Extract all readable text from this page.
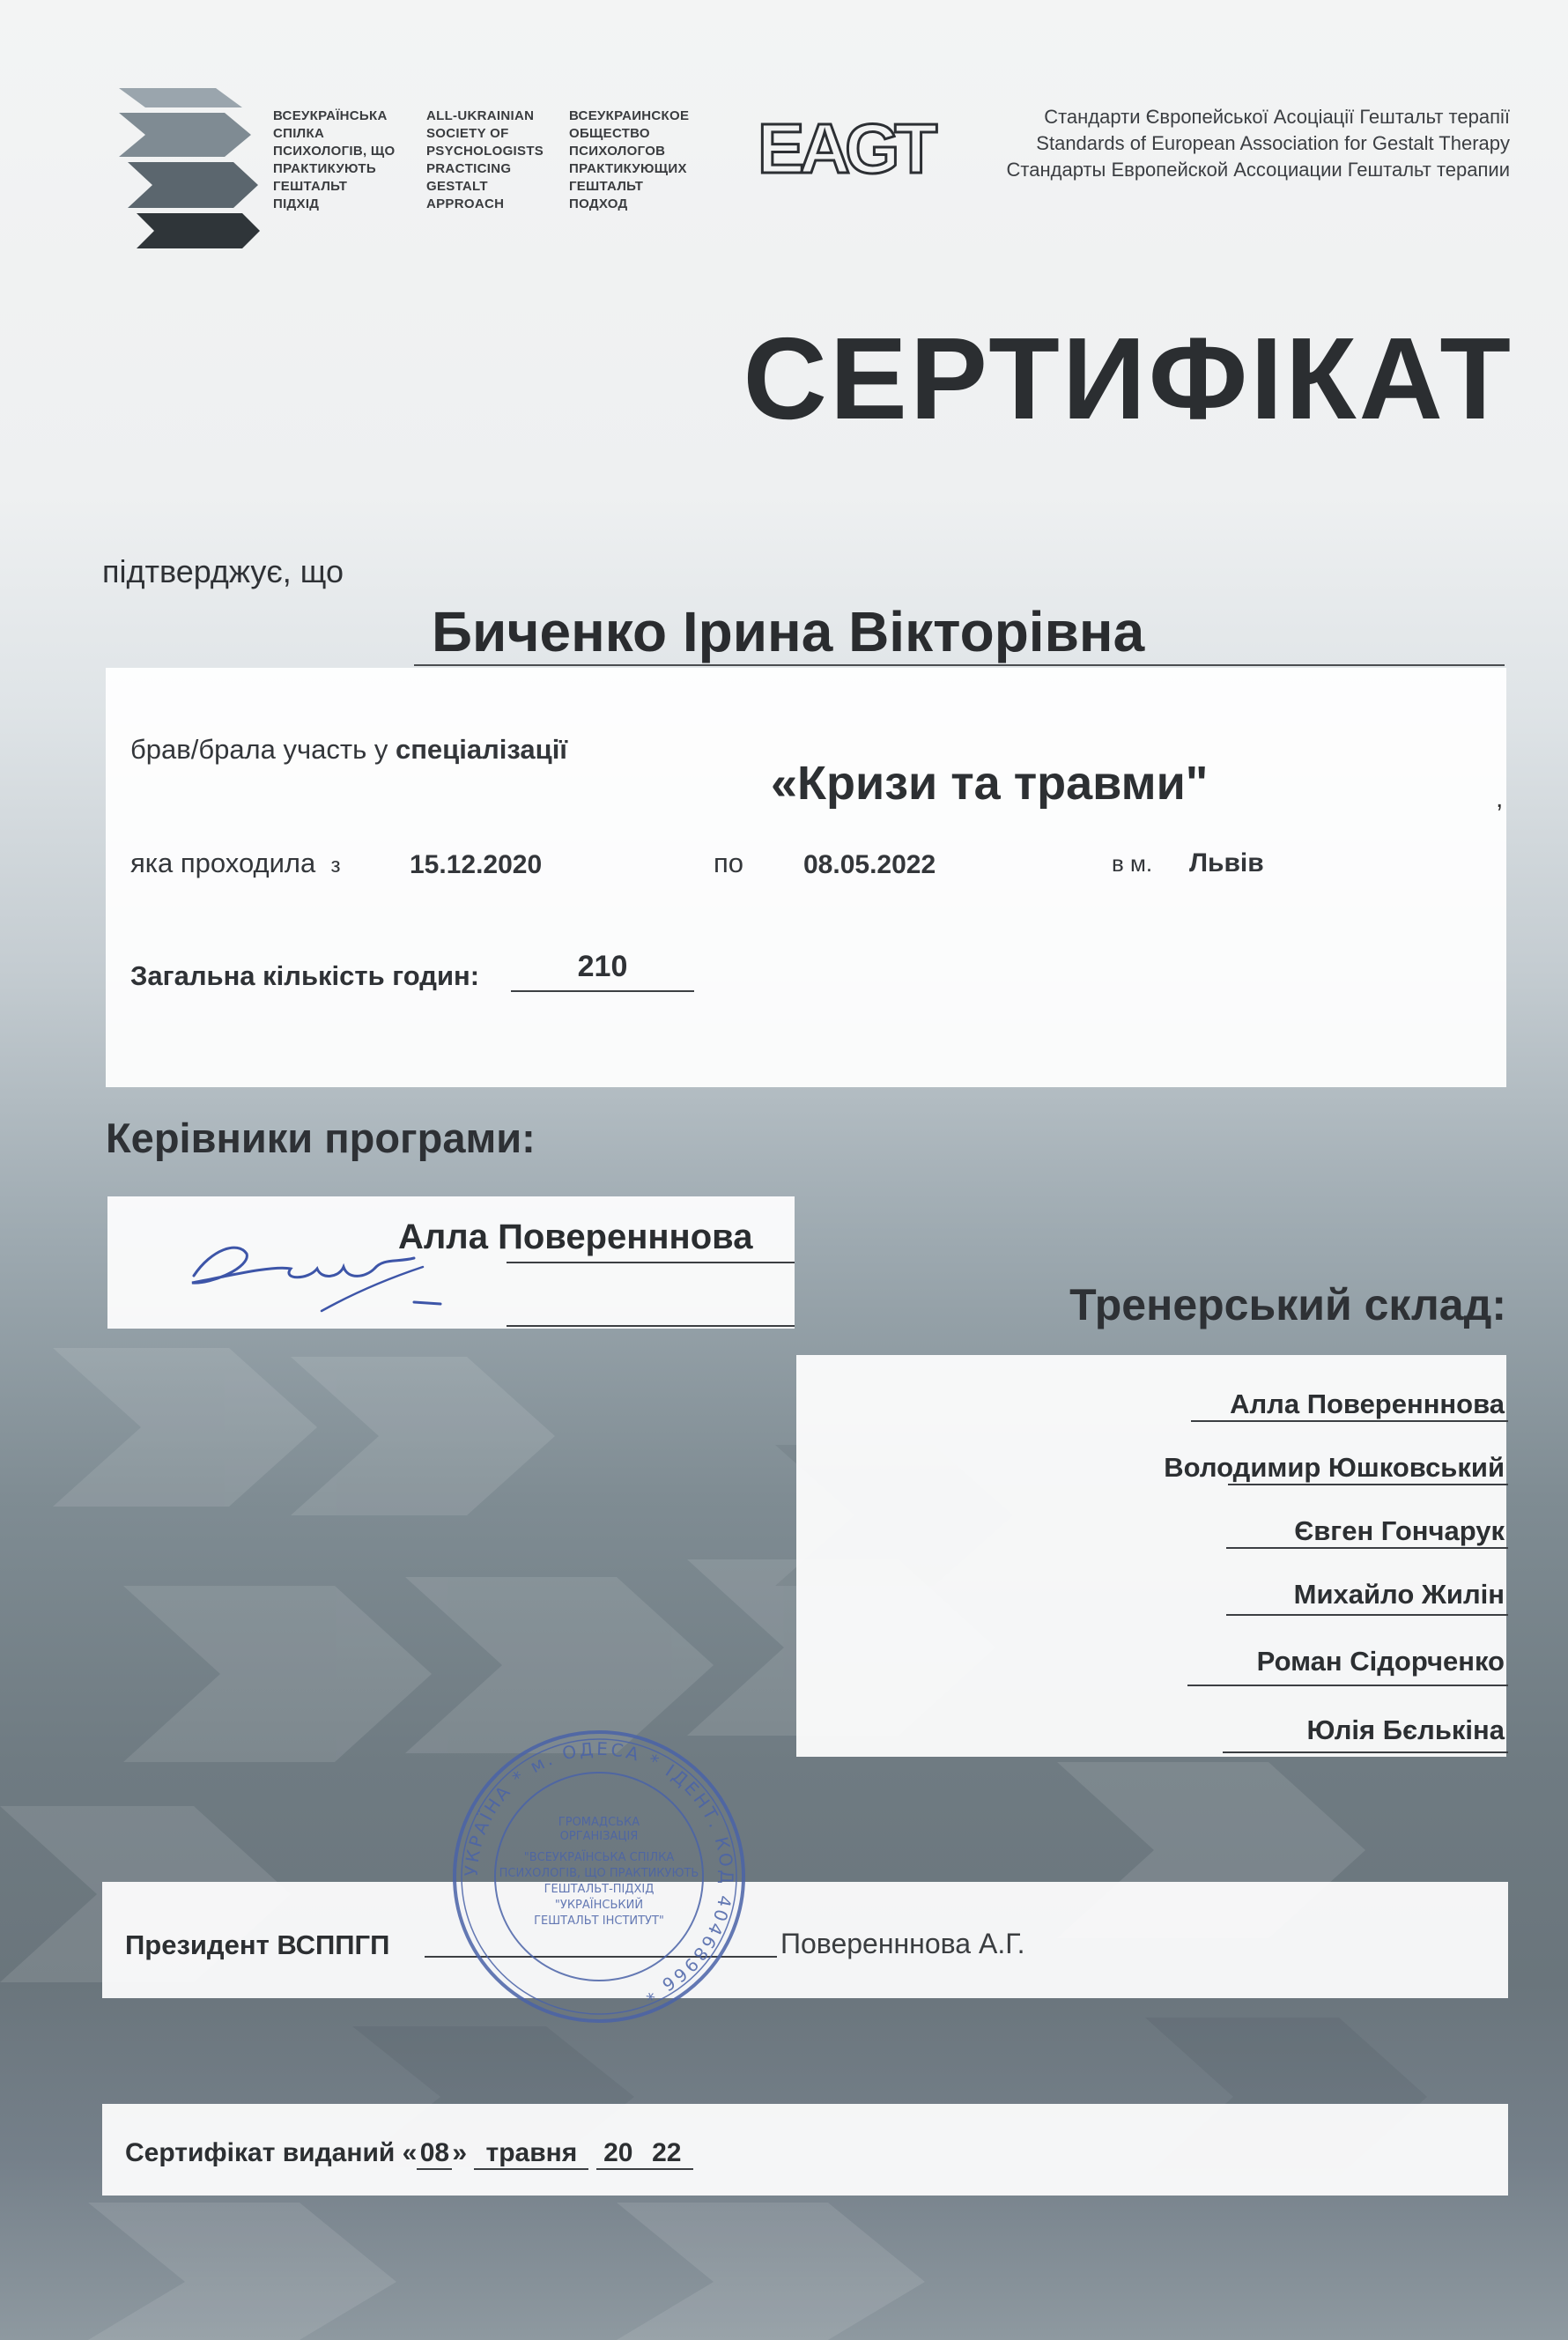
ВСЕУКРАЇНСЬКА
СПІЛКА
ПСИХОЛОГІВ, ЩО
ПРАКТИКУЮТЬ
ГЕШТАЛЬТ
ПІДХІД
ALL-UKRAINIAN
SOCIETY OF
PSYCHOLOGISTS
PRACTICING
GESTALT
APPROACH
ВСЕУКРАИНСКОЕ
ОБЩЕСТВО
ПСИХОЛОГОВ
ПРАКТИКУЮЩИХ
ГЕШТАЛЬТ
ПОДХОД
EAGT	Стандарти Європейської Асоціації Гештальт терапії
Standards of European Association for Gestalt Therapy
Стандарты Европейской Ассоциации Гештальт терапии
СЕРТИФІКАТ
підтверджує, що
Биченко Ірина Вікторівна
брав/брала участь у спеціалізації
«Кризи та травми"	,
яка проходила з	15.12.2020	по 08.05.2022	в м. Львів
Загальна кількість годин:	210
Керівники програми:
Алла Поверенннова
Тренерський склад:
Алла Поверенннова
Володимир Юшковський
Євген Гончарук
Михайло Жилін
Роман Сідорченко
Юлія Бєлькіна
Президент ВСППГП	Поверенннова А.Г.
Сертифікат виданий « 08 » травня 20 22
УКРАЇНА * м. ОДЕСА * ІДЕНТ. КОД 40468966 *
ГРОМАДСЬКА
ОРГАНІЗАЦІЯ
"ВСЕУКРАЇНСЬКА СПІЛКА
ПСИХОЛОГІВ, ЩО ПРАКТИКУЮТЬ
ГЕШТАЛЬТ-ПІДХІД
"УКРАЇНСЬКИЙ
ГЕШТАЛЬТ ІНСТИТУТ"
